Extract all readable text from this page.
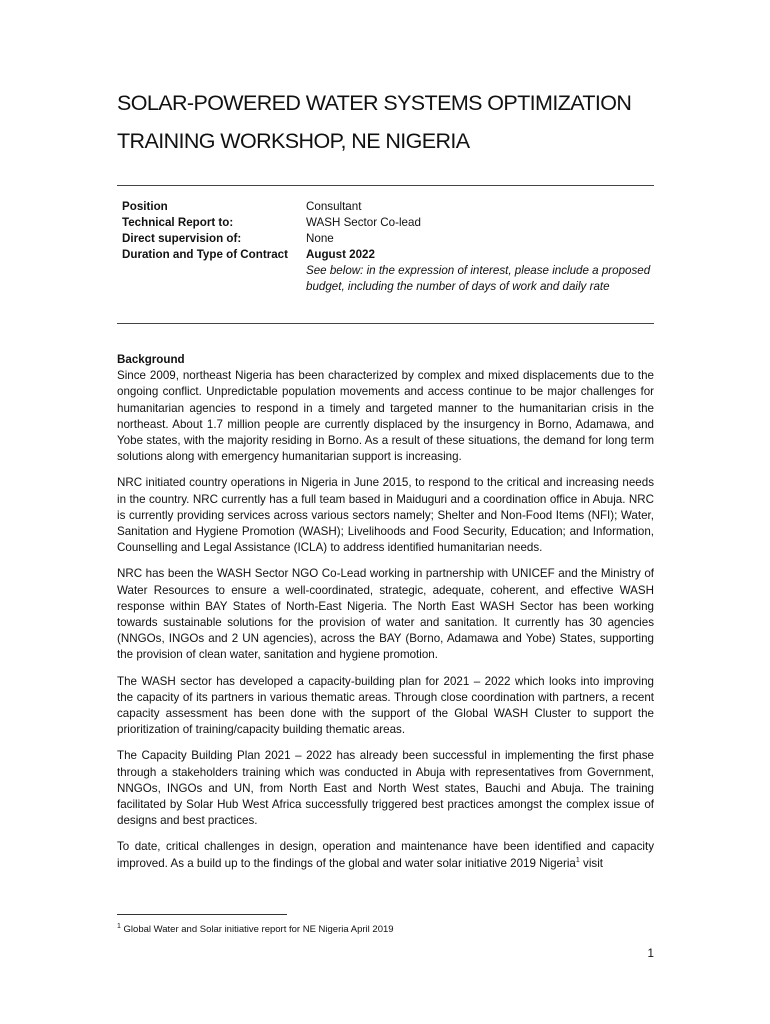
SOLAR-POWERED WATER SYSTEMS OPTIMIZATION
TRAINING WORKSHOP, NE NIGERIA
Position	Consultant
Technical Report to:	WASH Sector Co-lead
Direct supervision of:	None
Duration and Type of Contract	August 2022
See below: in the expression of interest, please include a proposed budget, including the number of days of work and daily rate
Background

Since 2009, northeast Nigeria has been characterized by complex and mixed displacements due to the ongoing conflict. Unpredictable population movements and access continue to be major challenges for humanitarian agencies to respond in a timely and targeted manner to the humanitarian crisis in the northeast. About 1.7 million people are currently displaced by the insurgency in Borno, Adamawa, and Yobe states, with the majority residing in Borno. As a result of these situations, the demand for long term solutions along with emergency humanitarian support is increasing.

NRC initiated country operations in Nigeria in June 2015, to respond to the critical and increasing needs in the country. NRC currently has a full team based in Maiduguri and a coordination office in Abuja. NRC is currently providing services across various sectors namely; Shelter and Non-Food Items (NFI); Water, Sanitation and Hygiene Promotion (WASH); Livelihoods and Food Security, Education; and Information, Counselling and Legal Assistance (ICLA) to address identified humanitarian needs.

NRC has been the WASH Sector NGO Co-Lead working in partnership with UNICEF and the Ministry of Water Resources to ensure a well-coordinated, strategic, adequate, coherent, and effective WASH response within BAY States of North-East Nigeria. The North East WASH Sector has been working towards sustainable solutions for the provision of water and sanitation. It currently has 30 agencies (NNGOs, INGOs and 2 UN agencies), across the BAY (Borno, Adamawa and Yobe) States, supporting the provision of clean water, sanitation and hygiene promotion.

The WASH sector has developed a capacity-building plan for 2021 – 2022 which looks into improving the capacity of its partners in various thematic areas. Through close coordination with partners, a recent capacity assessment has been done with the support of the Global WASH Cluster to support the prioritization of training/capacity building thematic areas.

The Capacity Building Plan 2021 – 2022 has already been successful in implementing the first phase through a stakeholders training which was conducted in Abuja with representatives from Government, NNGOs, INGOs and UN, from North East and North West states, Bauchi and Abuja. The training facilitated by Solar Hub West Africa successfully triggered best practices amongst the complex issue of designs and best practices.

To date, critical challenges in design, operation and maintenance have been identified and capacity improved. As a build up to the findings of the global and water solar initiative 2019 Nigeria$^1$ visit

$^1$ Global Water and Solar initiative report for NE Nigeria April 2019
1
